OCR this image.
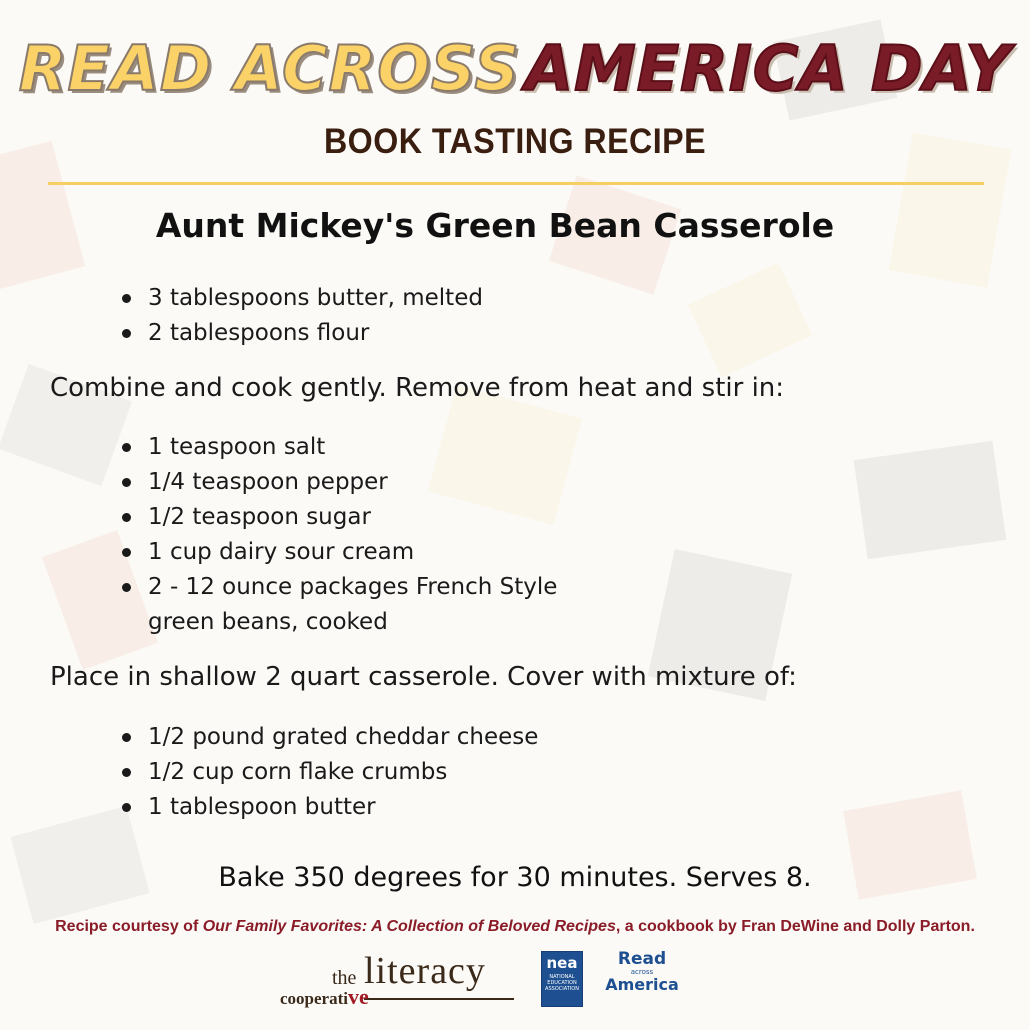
READ ACROSS AMERICA DAY
BOOK TASTING RECIPE
Aunt Mickey's Green Bean Casserole
3 tablespoons butter, melted
2 tablespoons flour
Combine and cook gently. Remove from heat and stir in:
1 teaspoon salt
1/4 teaspoon pepper
1/2 teaspoon sugar
1 cup dairy sour cream
2 - 12 ounce packages French Style
green beans, cooked
Place in shallow 2 quart casserole. Cover with mixture of:
1/2 pound grated cheddar cheese
1/2 cup corn flake crumbs
1 tablespoon butter
Bake 350 degrees for 30 minutes. Serves 8.
Recipe courtesy of Our Family Favorites: A Collection of Beloved Recipes, a cookbook by Fran DeWine and Dolly Parton.
the literacy
cooperative
nea
NATIONAL EDUCATION ASSOCIATION
Read
across
America
